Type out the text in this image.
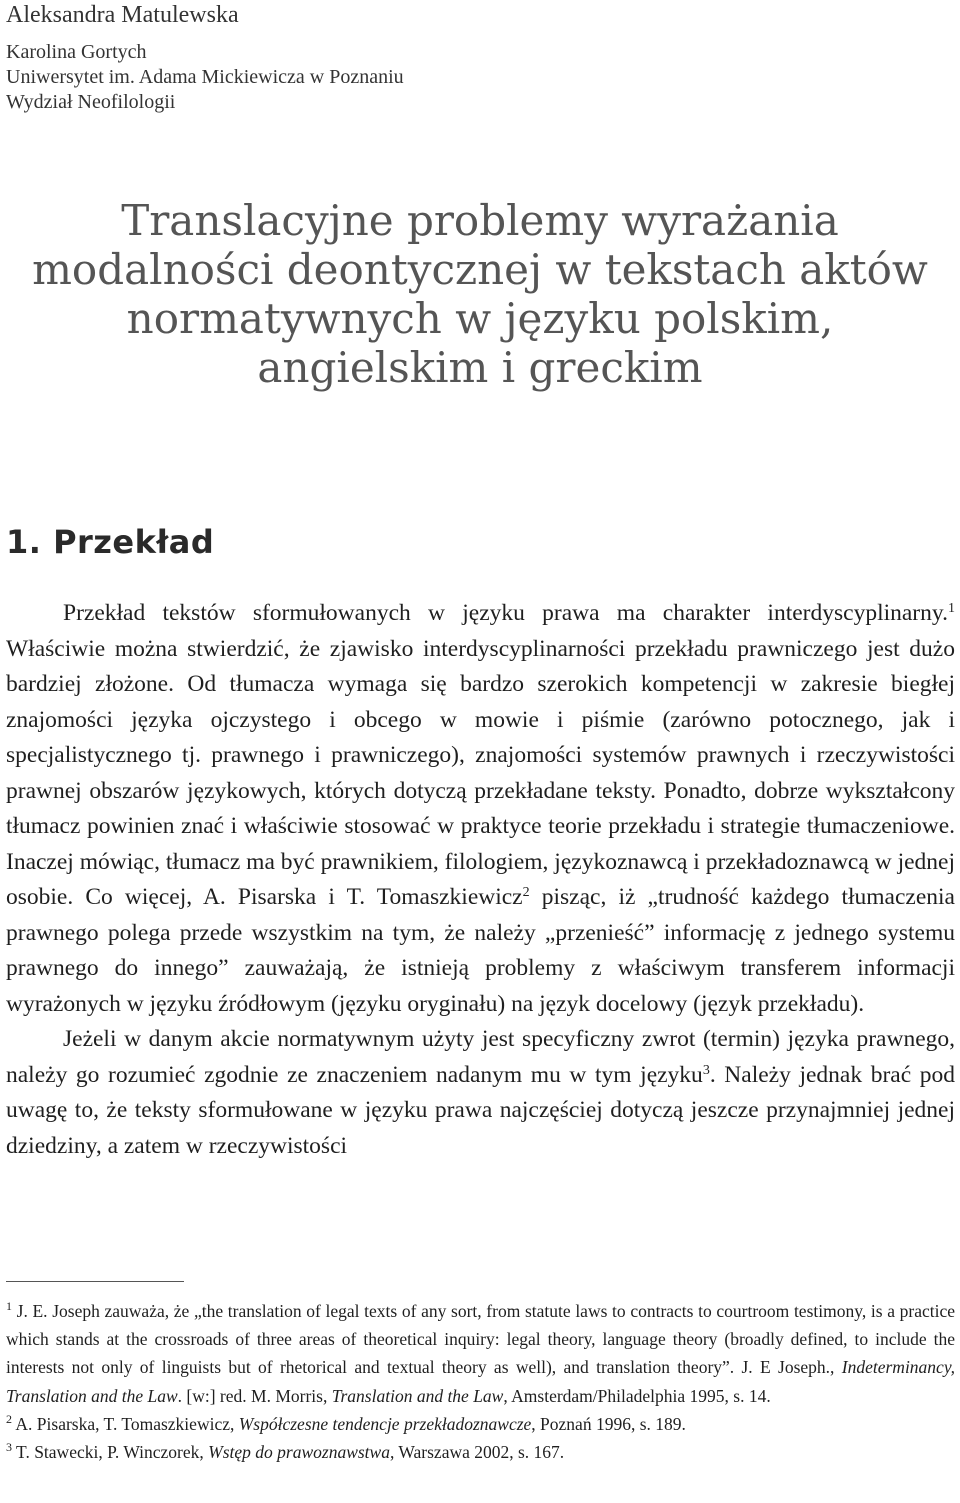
Aleksandra Matulewska

Karolina Gortych

Uniwersytet im. Adama Mickiewicza w Poznaniu

Wydział Neofilologii

Translacyjne problemy wyrażania
modalności deontycznej w tekstach aktów
normatywnych w języku polskim,
angielskim i greckim
1. Przekład

Przekład tekstów sformułowanych w języku prawa ma charakter interdyscyplinarny.$^1$ Właściwie można stwierdzić, że zjawisko interdyscyplinarności przekładu prawniczego jest dużo bardziej złożone. Od tłumacza wymaga się bardzo szerokich kompetencji w zakresie biegłej znajomości języka ojczystego i obcego w mowie i piśmie (zarówno potocznego, jak i specjalistycznego tj. prawnego i prawniczego), znajomości systemów prawnych i rzeczywistości prawnej obszarów językowych, których dotyczą przekładane teksty. Ponadto, dobrze wykształcony tłumacz powinien znać i właściwie stosować w praktyce teorie przekładu i strategie tłumaczeniowe. Inaczej mówiąc, tłumacz ma być prawnikiem, filologiem, językoznawcą i przekładoznawcą w jednej osobie. Co więcej, A. Pisarska i T. Tomaszkiewicz$^2$ pisząc, iż „trudność każdego tłumaczenia prawnego polega przede wszystkim na tym, że należy „przenieść” informację z jednego systemu prawnego do innego” zauważają, że istnieją problemy z właściwym transferem informacji wyrażonych w języku źródłowym (języku oryginału) na język docelowy (język przekładu).

Jeżeli w danym akcie normatywnym użyty jest specyficzny zwrot (termin) języka prawnego, należy go rozumieć zgodnie ze znaczeniem nadanym mu w tym języku$^3$. Należy jednak brać pod uwagę to, że teksty sformułowane w języku prawa najczęściej dotyczą jeszcze przynajmniej jednej dziedziny, a zatem w rzeczywistości

$^1$ J. E. Joseph zauważa, że „the translation of legal texts of any sort, from statute laws to contracts to courtroom testimony, is a practice which stands at the crossroads of three areas of theoretical inquiry: legal theory, language theory (broadly defined, to include the interests not only of linguists but of rhetorical and textual theory as well), and translation theory”. J. E Joseph., Indeterminancy, Translation and the Law. [w:] red. M. Morris, Translation and the Law, Amsterdam/Philadelphia 1995, s. 14.

$^2$ A. Pisarska, T. Tomaszkiewicz, Współczesne tendencje przekładoznawcze, Poznań 1996, s. 189.

$^3$ T. Stawecki, P. Winczorek, Wstęp do prawoznawstwa, Warszawa 2002, s. 167.
